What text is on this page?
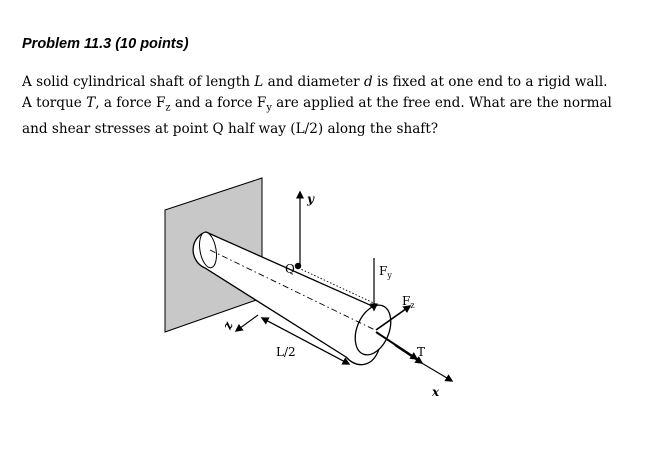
Problem 11.3 (10 points)

A solid cylindrical shaft of length L and diameter d is fixed at one end to a rigid wall.
A torque T, a force $F_z$ and a force $F_y$ are applied at the free end. What are the normal
and shear stresses at point Q half way (L/2) along the shaft?

y
Q	$F_y$
$F_z$
T
x
z
L/2
